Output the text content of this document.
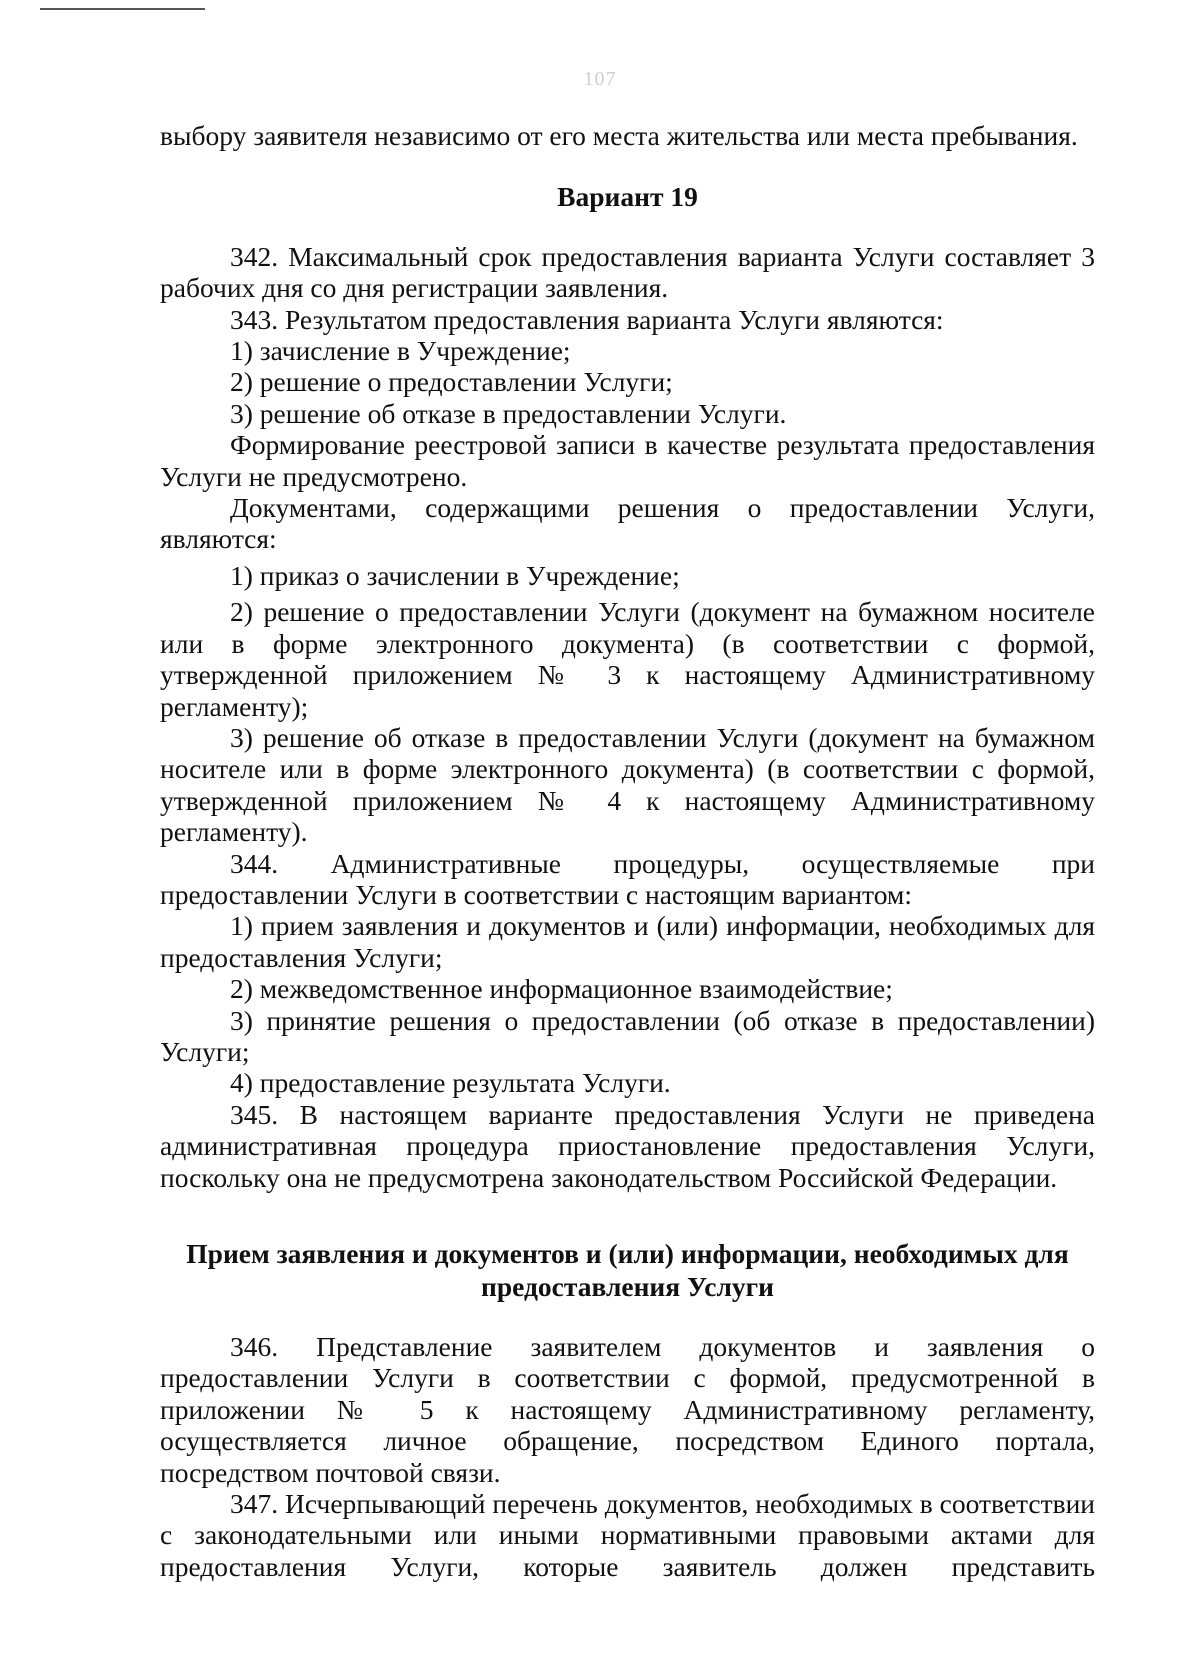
107

выбору заявителя независимо от его места жительства или места пребывания.

Вариант 19

342. Максимальный срок предоставления варианта Услуги составляет 3 рабочих дня со дня регистрации заявления.

343. Результатом предоставления варианта Услуги являются:

1) зачисление в Учреждение;

2) решение о предоставлении Услуги;

3) решение об отказе в предоставлении Услуги.

Формирование реестровой записи в качестве результата предоставления Услуги не предусмотрено.

Документами, содержащими решения о предоставлении Услуги, являются:

1) приказ о зачислении в Учреждение;

2) решение о предоставлении Услуги (документ на бумажном носителе или в форме электронного документа) (в соответствии с формой, утвержденной приложением № 3 к настоящему Административному регламенту);

3) решение об отказе в предоставлении Услуги (документ на бумажном носителе или в форме электронного документа) (в соответствии с формой, утвержденной приложением № 4 к настоящему Административному регламенту).

344. Административные процедуры, осуществляемые при предоставлении Услуги в соответствии с настоящим вариантом:

1) прием заявления и документов и (или) информации, необходимых для предоставления Услуги;

2) межведомственное информационное взаимодействие;

3) принятие решения о предоставлении (об отказе в предоставлении) Услуги;

4) предоставление результата Услуги.

345. В настоящем варианте предоставления Услуги не приведена административная процедура приостановление предоставления Услуги, поскольку она не предусмотрена законодательством Российской Федерации.

Прием заявления и документов и (или) информации, необходимых для предоставления Услуги

346. Представление заявителем документов и заявления о предоставлении Услуги в соответствии с формой, предусмотренной в приложении № 5 к настоящему Административному регламенту, осуществляется личное обращение, посредством Единого портала, посредством почтовой связи.

347. Исчерпывающий перечень документов, необходимых в соответствии с законодательными или иными нормативными правовыми актами для предоставления Услуги, которые заявитель должен представить
